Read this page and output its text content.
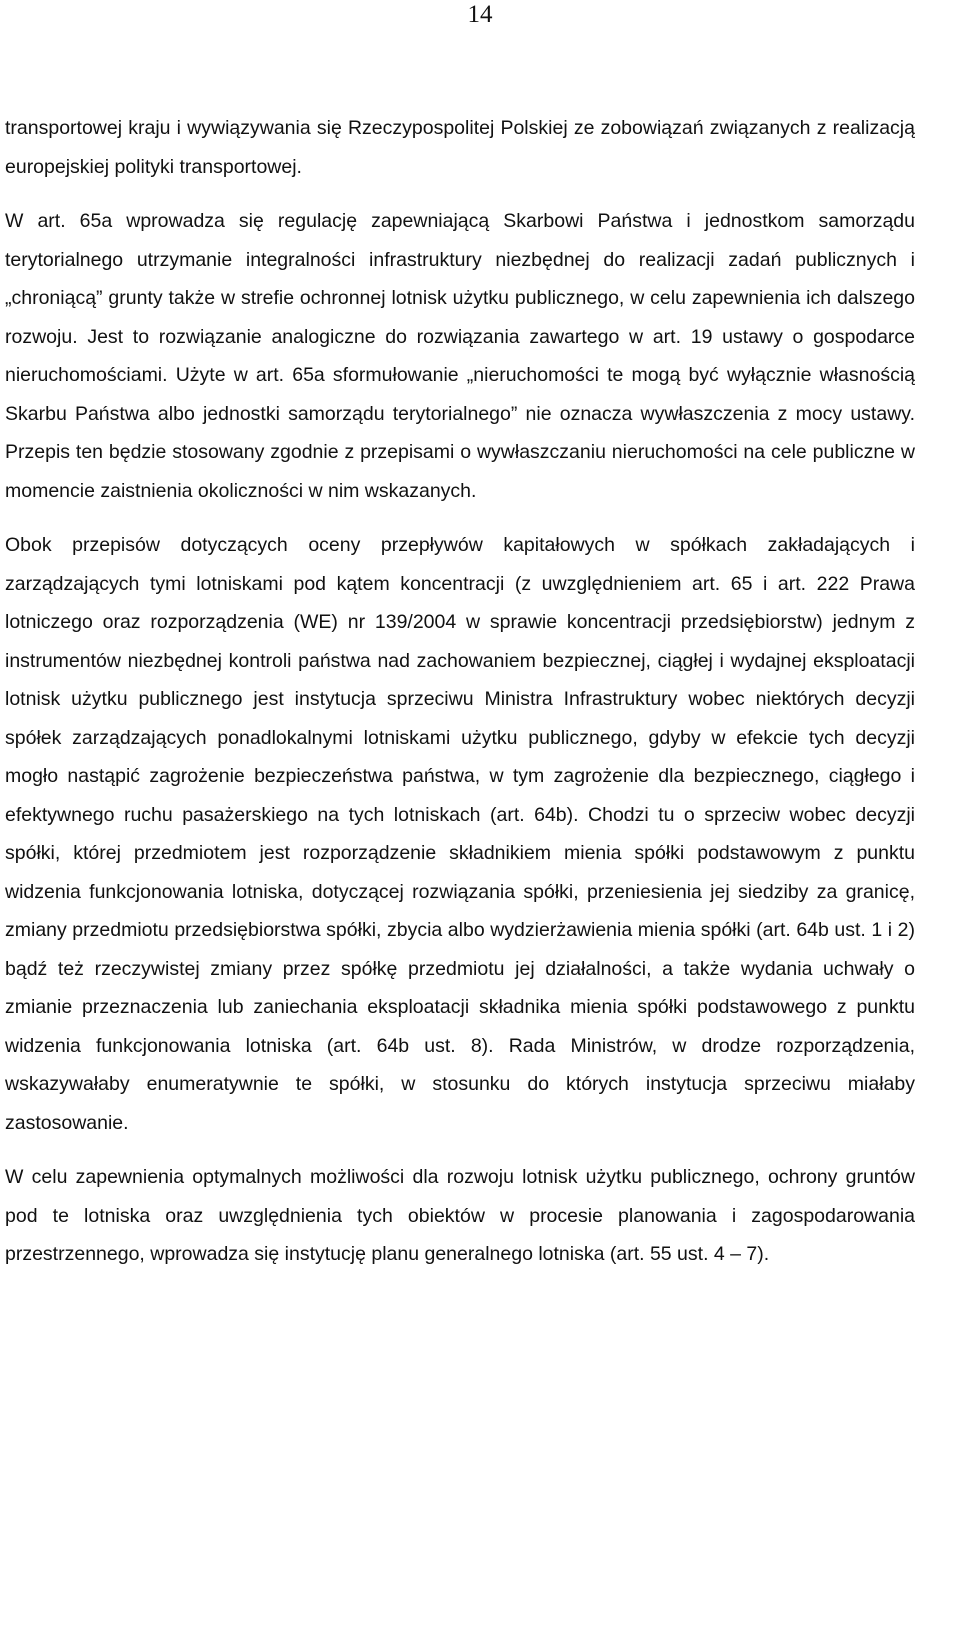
14

transportowej kraju i wywiązywania się Rzeczypospolitej Polskiej ze zobowiązań związanych z realizacją europejskiej polityki transportowej.

W art. 65a wprowadza się regulację zapewniającą Skarbowi Państwa i jednostkom samorządu terytorialnego utrzymanie integralności infrastruktury niezbędnej do realizacji zadań publicznych i „chroniącą” grunty także w strefie ochronnej lotnisk użytku publicznego, w celu zapewnienia ich dalszego rozwoju. Jest to rozwiązanie analogiczne do rozwiązania zawartego w art. 19 ustawy o gospodarce nieruchomościami. Użyte w art. 65a sformułowanie „nieruchomości te mogą być wyłącznie własnością Skarbu Państwa albo jednostki samorządu terytorialnego” nie oznacza wywłaszczenia z mocy ustawy. Przepis ten będzie stosowany zgodnie z przepisami o wywłaszczaniu nieruchomości na cele publiczne w momencie zaistnienia okoliczności w nim wskazanych.

Obok przepisów dotyczących oceny przepływów kapitałowych w spółkach zakładających i zarządzających tymi lotniskami pod kątem koncentracji (z uwzględnieniem art. 65 i art. 222 Prawa lotniczego oraz rozporządzenia (WE) nr 139/2004 w sprawie koncentracji przedsiębiorstw) jednym z instrumentów niezbędnej kontroli państwa nad zachowaniem bezpiecznej, ciągłej i wydajnej eksploatacji lotnisk użytku publicznego jest instytucja sprzeciwu Ministra Infrastruktury wobec niektórych decyzji spółek zarządzających ponadlokalnymi lotniskami użytku publicznego, gdyby w efekcie tych decyzji mogło nastąpić zagrożenie bezpieczeństwa państwa, w tym zagrożenie dla bezpiecznego, ciągłego i efektywnego ruchu pasażerskiego na tych lotniskach (art. 64b). Chodzi tu o sprzeciw wobec decyzji spółki, której przedmiotem jest rozporządzenie składnikiem mienia spółki podstawowym z punktu widzenia funkcjonowania lotniska, dotyczącej rozwiązania spółki, przeniesienia jej siedziby za granicę, zmiany przedmiotu przedsiębiorstwa spółki, zbycia albo wydzierżawienia mienia spółki (art. 64b ust. 1 i 2) bądź też rzeczywistej zmiany przez spółkę przedmiotu jej działalności, a także wydania uchwały o zmianie przeznaczenia lub zaniechania eksploatacji składnika mienia spółki podstawowego z punktu widzenia funkcjonowania lotniska (art. 64b ust. 8). Rada Ministrów, w drodze rozporządzenia, wskazywałaby enumeratywnie te spółki, w stosunku do których instytucja sprzeciwu miałaby zastosowanie.

W celu zapewnienia optymalnych możliwości dla rozwoju lotnisk użytku publicznego, ochrony gruntów pod te lotniska oraz uwzględnienia tych obiektów w procesie planowania i zagospodarowania przestrzennego, wprowadza się instytucję planu generalnego lotniska (art. 55 ust. 4 – 7).
